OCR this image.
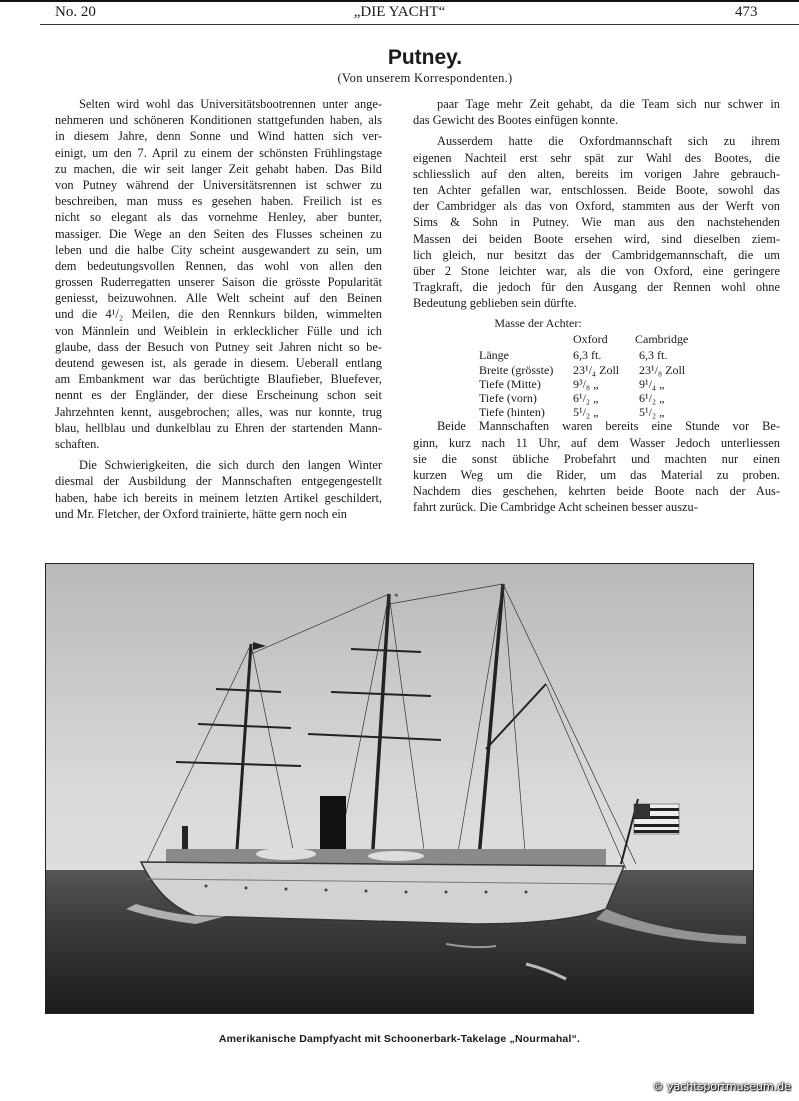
No. 20	„DIE YACHT“	473
Putney.
(Von unserem Korrespondenten.)
Selten wird wohl das Universitätsbootrennen unter ange-
nehmeren und schöneren Konditionen stattgefunden haben, als
in diesem Jahre, denn Sonne und Wind hatten sich ver-
einigt, um den 7. April zu einem der schönsten Frühlingstage
zu machen, die wir seit langer Zeit gehabt haben. Das Bild
von Putney während der Universitätsrennen ist schwer zu
beschreiben, man muss es gesehen haben. Freilich ist es
nicht so elegant als das vornehme Henley, aber bunter,
massiger. Die Wege an den Seiten des Flusses scheinen zu
leben und die halbe City scheint ausgewandert zu sein, um
dem bedeutungsvollen Rennen, das wohl von allen den
grossen Ruderregatten unserer Saison die grösste Popularität
geniesst, beizuwohnen. Alle Welt scheint auf den Beinen
und die 4¹/₂ Meilen, die den Rennkurs bilden, wimmelten
von Männlein und Weiblein in erklecklicher Fülle und ich
glaube, dass der Besuch von Putney seit Jahren nicht so be-
deutend gewesen ist, als gerade in diesem. Ueberall entlang
am Embankment war das berüchtigte Blaufieber, Bluefever,
nennt es der Engländer, der diese Erscheinung schon seit
Jahrzehnten kennt, ausgebrochen; alles, was nur konnte, trug
blau, hellblau und dunkelblau zu Ehren der startenden Mann-
schaften.
Die Schwierigkeiten, die sich durch den langen Winter
diesmal der Ausbildung der Mannschaften entgegengestellt
haben, habe ich bereits in meinem letzten Artikel geschildert,
und Mr. Fletcher, der Oxford trainierte, hätte gern noch ein
paar Tage mehr Zeit gehabt, da die Team sich nur schwer in
das Gewicht des Bootes einfügen konnte.
Ausserdem hatte die Oxfordmannschaft sich zu ihrem
eigenen Nachteil erst sehr spät zur Wahl des Bootes, die
schliesslich auf den alten, bereits im vorigen Jahre gebrauch-
ten Achter gefallen war, entschlossen. Beide Boote, sowohl das
der Cambridger als das von Oxford, stammten aus der Werft von
Sims & Sohn in Putney. Wie man aus den nachstehenden
Massen dei beiden Boote ersehen wird, sind dieselben ziem-
lich gleich, nur besitzt das der Cambridgemannschaft, die um
über 2 Stone leichter war, als die von Oxford, eine geringere
Tragkraft, die jedoch für den Ausgang der Rennen wohl ohne
Bedeutung geblieben sein dürfte.
Masse der Achter:
Oxford Cambridge
Länge	6,3 ft.	6,3 ft.
Breite (grösste) 23¹/₄ Zoll 23¹/₈ Zoll
Tiefe (Mitte)	9³/₈ „	9¹/₄ „
Tiefe (vorn)	6¹/₂ „	6¹/₂ „
Tiefe (hinten) 5¹/₂ „	5¹/₂ „
Beide Mannschaften waren bereits eine Stunde vor Be-
ginn, kurz nach 11 Uhr, auf dem Wasser Jedoch unterliessen
sie die sonst übliche Probefahrt und machten nur einen
kurzen Weg um die Rider, um das Material zu proben.
Nachdem dies geschehen, kehrten beide Boote nach der Aus-
fahrt zurück. Die Cambridge Acht scheinen besser auszu-
*
Amerikanische Dampfyacht mit Schoonerbark-Takelage „Nourmahal“.
© yachtsportmuseum.de
